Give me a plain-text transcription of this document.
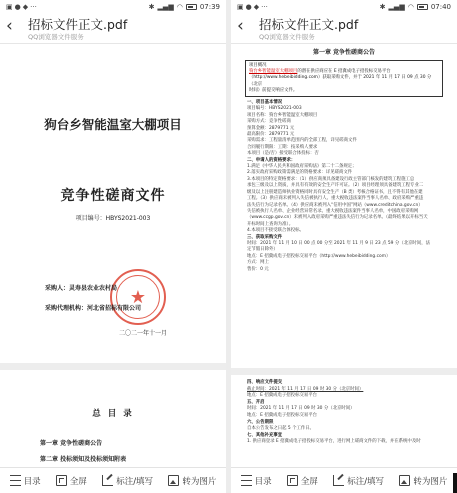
▣ ● ◆ ···	✱ ▂▄▆ ◠ 07:39
‹	招标文件正文.pdf
QQ浏览器文件服务
狗台乡智能温室大棚项目
竞争性磋商文件
项目编号：HBYS2021-003
★
采购人：灵寿县农业农村局
采购代理机构：河北省招标有限公司
二〇二一年十一月
总 目 录
第一章 竞争性磋商公告
第二章 投标须知及投标须知附表
目录	全屏	标注/填写	转为图片
▣ ● ◆ ···	✱ ▂▄▆ ◠ 07:40
‹	招标文件正文.pdf
QQ浏览器文件服务
第一章 竞争性磋商公告
项目概况
狗台乡智能温室大棚项目的潜在供应商应在 E 招冀成电子招投标交易平台
（http://www.hebeibidding.com）获取采购文件，并于 2021 年 11 月 17 日 09 点 30 分（北京
时间）前提交响应文件。
一、项目基本情况
项目编号：HBYS2021-003
项目名称：狗台乡智能温室大棚项目
采购方式：竞争性磋商
预算金额：2879771 元
最高限价：2879771 元
采购需求：工程量清单范围内的全部工程，详见磋商文件
合同履行期限：工期：按采购人要求
本项目（是/否）接受联合体投标：否
二、申请人的资格要求：
1.满足《中华人民共和国政府采购法》第二十二条规定；
2.落实政府采购政策需满足的资格要求：详见磋商文件
3.本项目的特定资格要求：（1）供应商须具备建设行政主管部门核发的建筑工程施工总
承包三级及以上资质，并具有有效的安全生产许可证。（2）项目经理须具备建筑工程专业二
级及以上注册建造师执业资格同时具有安全生产（B 类）考核合格证书，且不得有其他在建
工程。（3）供应商未被列入失信被执行人、重大税收违法案件当事人名单、政府采购严重违
法失信行为记录名单。（4）供应商未被列入“信用中国”网站（www.creditchina.gov.cn）
失信被执行人名单、企业经营异常名录、重大税收违法案件当事人名单，中国政府采购网
（www.ccgp.gov.cn）未被列入政府采购严重违法失信行为记录名单。（最终结果以开标当天
开标时间上查询为准）。
4.本项目不接受联合体投标。
三、获取采购文件
时间：2021 年 11 月 10 日 00 点 00 分至 2021 年 11 月 9 日 23 点 59 分（北京时间，法
定节假日除外）
地点：E 招冀成电子招投标交易平台（http://www.hebeibidding.com）
方式：网上
售价：0 元
四、响应文件提交
截止时间：2021 年 11 月 17 日 09 时 30 分（北京时间）
地点：E 招冀成电子招投标交易平台
五、开启
时间：2021 年 11 月 17 日 09 时 30 分（北京时间）
地点：E 招冀成电子招投标交易平台
六、公告期限
自本公告发布之日起 5 个工作日。
七、其他补充事宜
1. 供应商登录 E 招冀成电子招投标交易平台，进行网上磋商文件的下载，并在系统中及时
目录	全屏	标注/填写	转为图片
